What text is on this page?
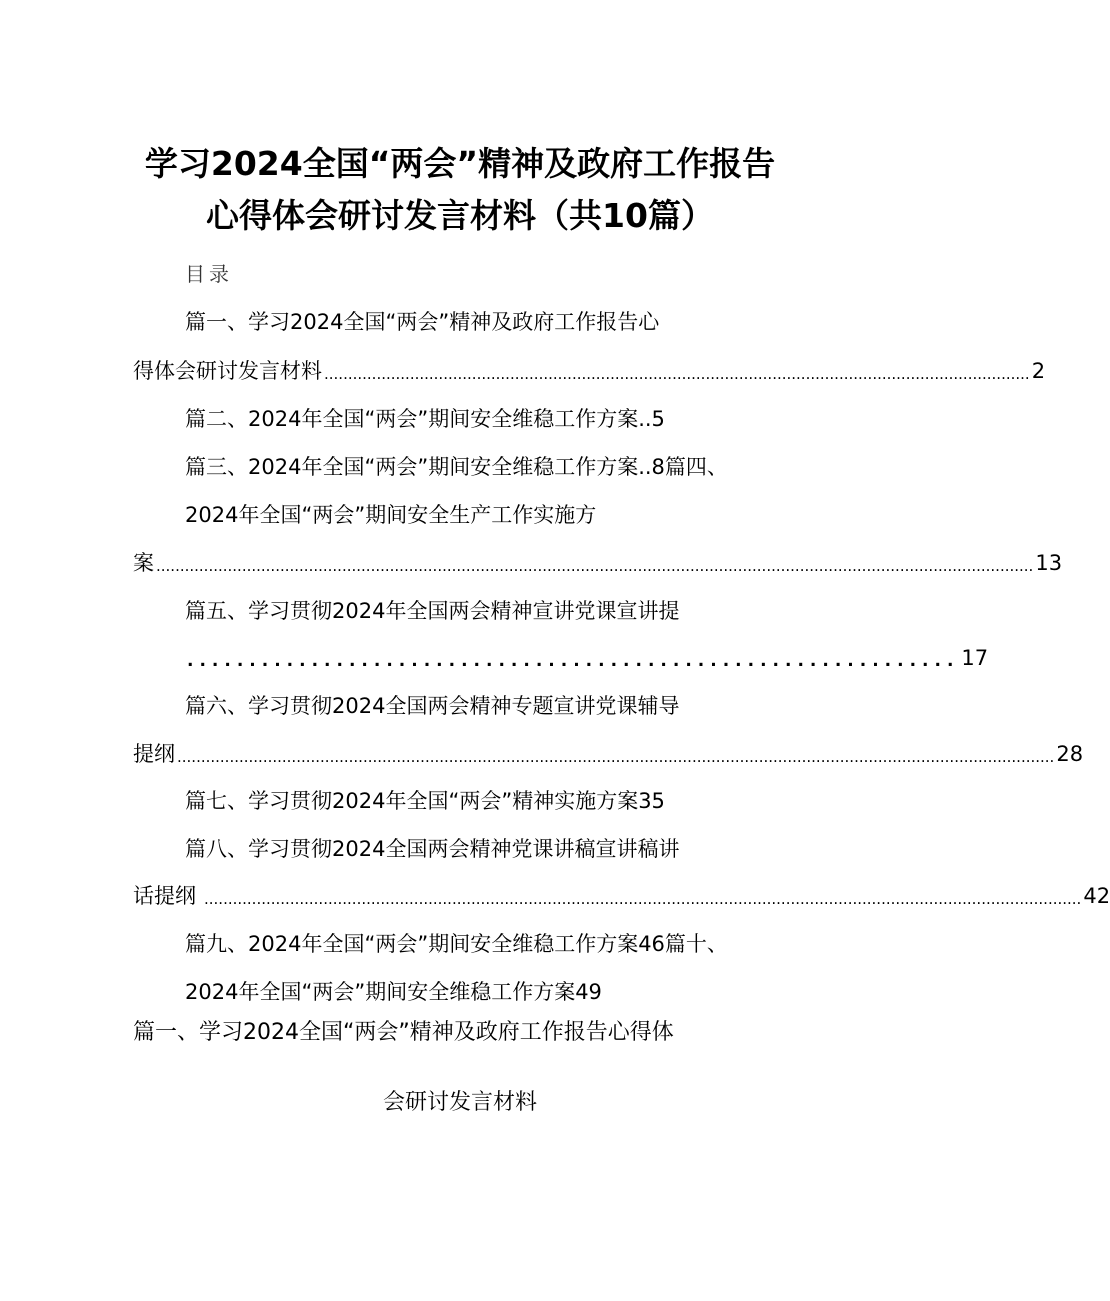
学习2024全国“两会”精神及政府工作报告
心得体会研讨发言材料（共10篇）
目录
篇一、学习2024全国“两会”精神及政府工作报告心
得体会研讨发言材料 .................................................................................................................................................... 2
篇二、2024年全国“两会”期间安全维稳工作方案..5
篇三、2024年全国“两会”期间安全维稳工作方案..8篇四、
2024年全国“两会”期间安全生产工作实施方
案 ........................................................................................................................................................................................ 13
篇五、学习贯彻2024年全国两会精神宣讲党课宣讲提
.............................................................. 17
篇六、学习贯彻2024全国两会精神专题宣讲党课辅导
提纲 ........................................................................................................................................................................................ 28
篇七、学习贯彻2024年全国“两会”精神实施方案35
篇八、学习贯彻2024全国两会精神党课讲稿宣讲稿讲
话提纲 ........................................................................................................................................................................................ 42
篇九、2024年全国“两会”期间安全维稳工作方案46篇十、
2024年全国“两会”期间安全维稳工作方案49
篇一、学习2024全国“两会”精神及政府工作报告心得体
会研讨发言材料
